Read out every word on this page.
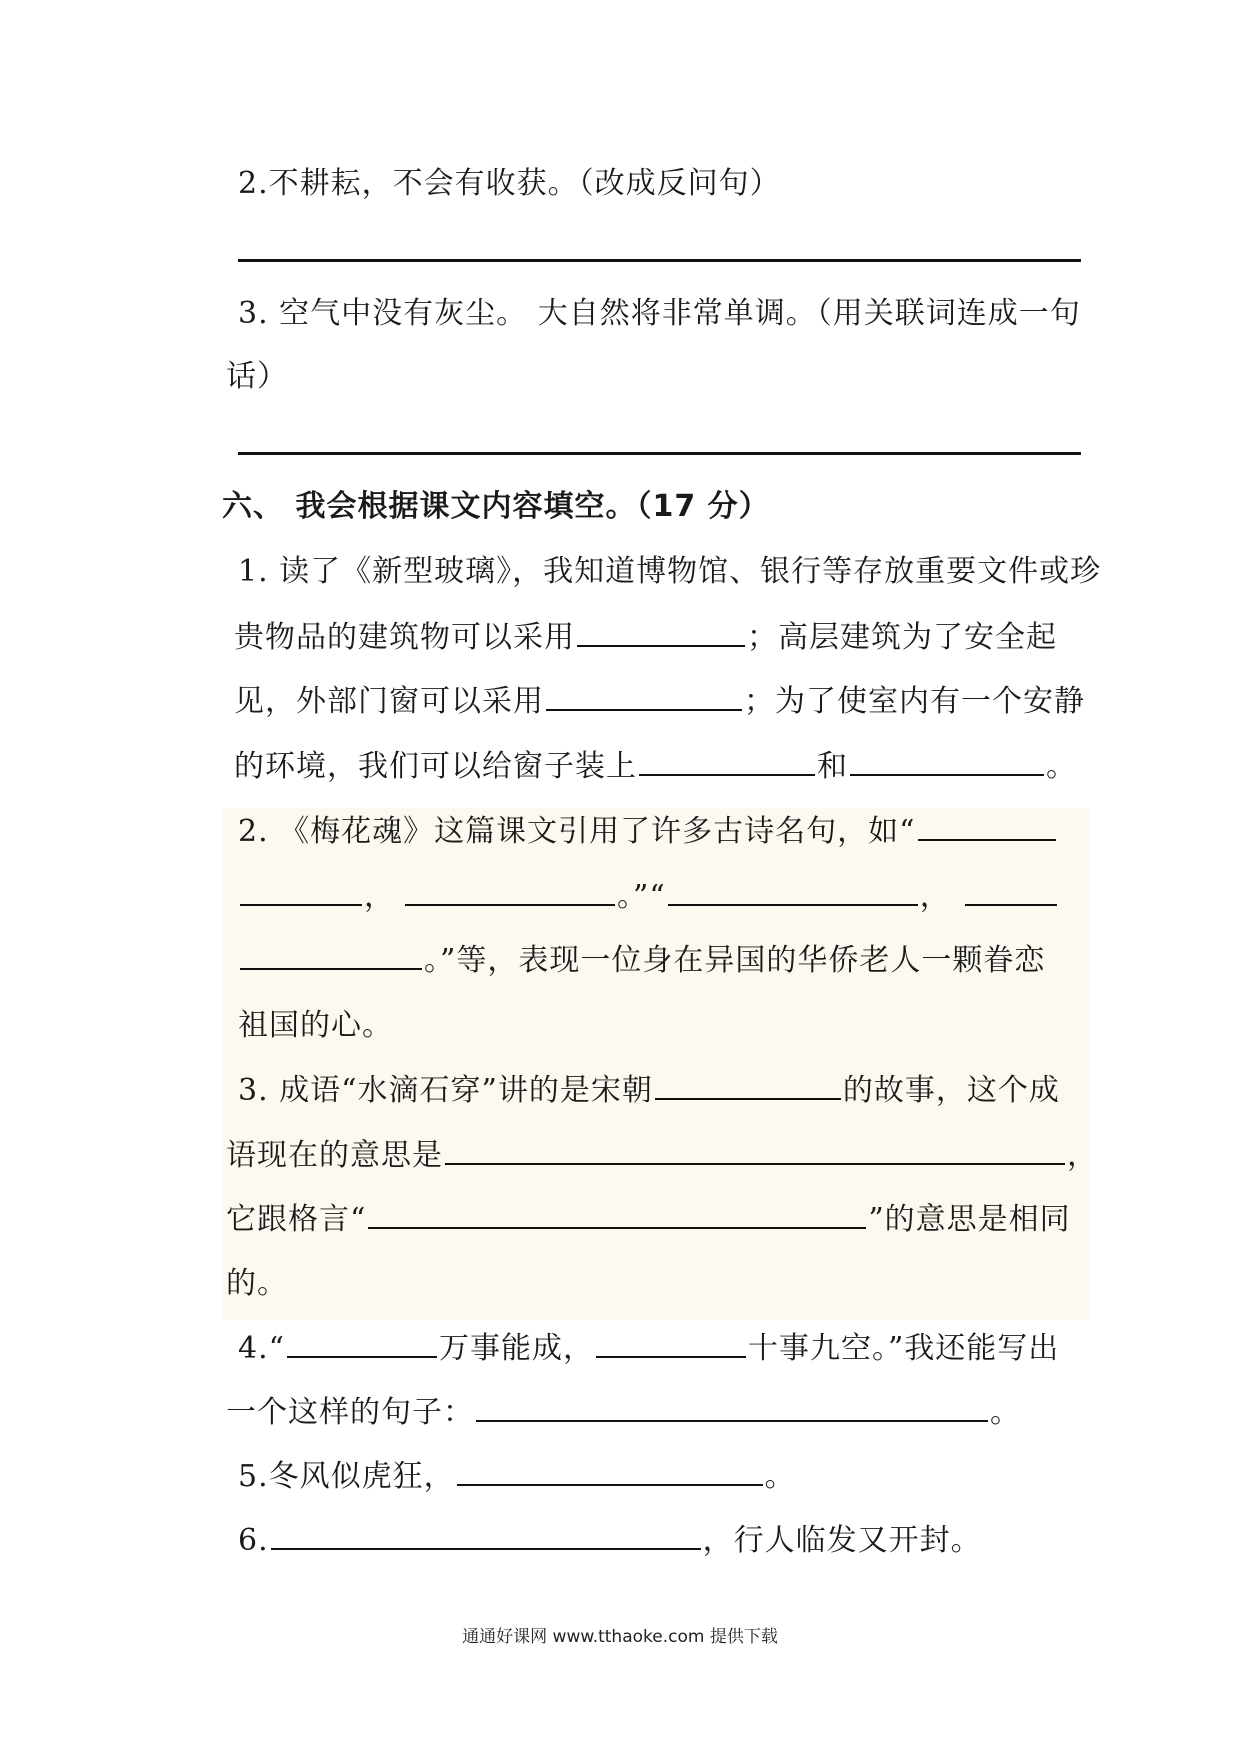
2.不耕耘，不会有收获。（改成反问句）
3. 空气中没有灰尘。 大自然将非常单调。（用关联词连成一句
话）
六、 我会根据课文内容填空。（17 分）
1. 读了《新型玻璃》，我知道博物馆、银行等存放重要文件或珍
贵物品的建筑物可以采用	；高层建筑为了安全起
见，外部门窗可以采用	；为了使室内有一个安静
的环境，我们可以给窗子装上	和	。
2. 《梅花魂》这篇课文引用了许多古诗名句，如“
，	。”“	，
。”等，表现一位身在异国的华侨老人一颗眷恋
祖国的心。
3. 成语“水滴石穿”讲的是宋朝	的故事，这个成
语现在的意思是	，
它跟格言“	”的意思是相同
的。
4.“	万事能成，	十事九空。”我还能写出
一个这样的句子：	。
5.冬风似虎狂，	。
6.	，行人临发又开封。
通通好课网 www.tthaoke.com 提供下载
